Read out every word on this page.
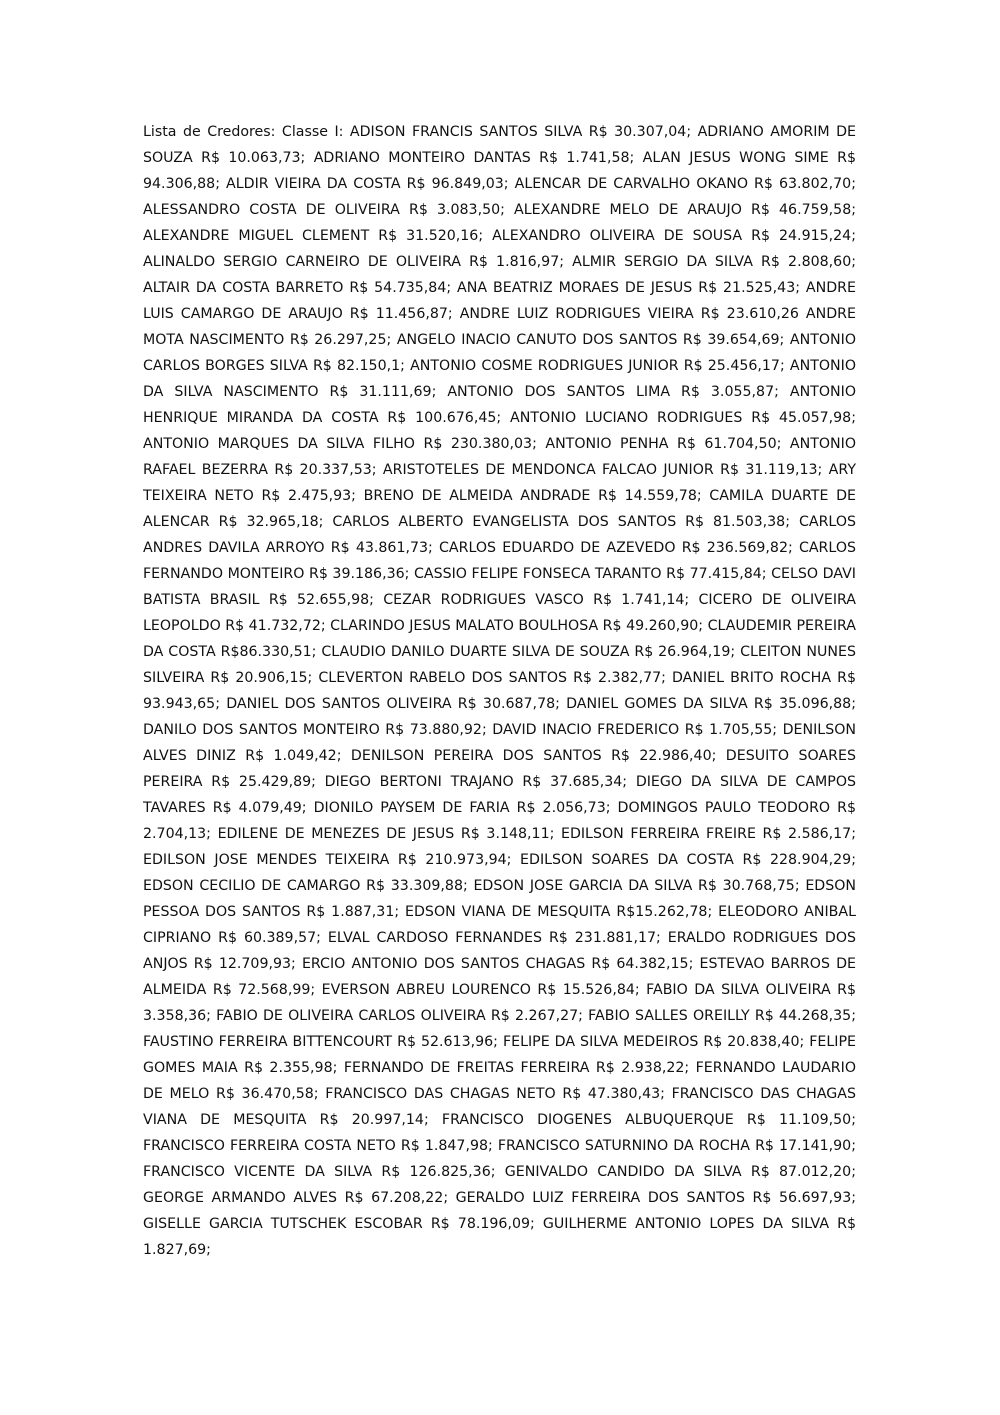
Lista de Credores: Classe I: ADISON FRANCIS SANTOS SILVA R$ 30.307,04; ADRIANO AMORIM DE SOUZA R$ 10.063,73; ADRIANO MONTEIRO DANTAS R$ 1.741,58; ALAN JESUS WONG SIME R$ 94.306,88; ALDIR VIEIRA DA COSTA R$ 96.849,03; ALENCAR DE CARVALHO OKANO R$ 63.802,70; ALESSANDRO COSTA DE OLIVEIRA R$ 3.083,50; ALEXANDRE MELO DE ARAUJO R$ 46.759,58; ALEXANDRE MIGUEL CLEMENT R$ 31.520,16; ALEXANDRO OLIVEIRA DE SOUSA R$ 24.915,24; ALINALDO SERGIO CARNEIRO DE OLIVEIRA R$ 1.816,97; ALMIR SERGIO DA SILVA R$ 2.808,60; ALTAIR DA COSTA BARRETO R$ 54.735,84; ANA BEATRIZ MORAES DE JESUS R$ 21.525,43; ANDRE LUIS CAMARGO DE ARAUJO R$ 11.456,87; ANDRE LUIZ RODRIGUES VIEIRA R$ 23.610,26 ANDRE MOTA NASCIMENTO R$ 26.297,25; ANGELO INACIO CANUTO DOS SANTOS R$ 39.654,69; ANTONIO CARLOS BORGES SILVA R$ 82.150,1; ANTONIO COSME RODRIGUES JUNIOR R$ 25.456,17; ANTONIO DA SILVA NASCIMENTO R$ 31.111,69; ANTONIO DOS SANTOS LIMA R$ 3.055,87; ANTONIO HENRIQUE MIRANDA DA COSTA R$ 100.676,45; ANTONIO LUCIANO RODRIGUES R$ 45.057,98; ANTONIO MARQUES DA SILVA FILHO R$ 230.380,03; ANTONIO PENHA R$ 61.704,50; ANTONIO RAFAEL BEZERRA R$ 20.337,53; ARISTOTELES DE MENDONCA FALCAO JUNIOR R$ 31.119,13; ARY TEIXEIRA NETO R$ 2.475,93; BRENO DE ALMEIDA ANDRADE R$ 14.559,78; CAMILA DUARTE DE ALENCAR R$ 32.965,18; CARLOS ALBERTO EVANGELISTA DOS SANTOS R$ 81.503,38; CARLOS ANDRES DAVILA ARROYO R$ 43.861,73; CARLOS EDUARDO DE AZEVEDO R$ 236.569,82; CARLOS FERNANDO MONTEIRO R$ 39.186,36; CASSIO FELIPE FONSECA TARANTO R$ 77.415,84; CELSO DAVI BATISTA BRASIL R$ 52.655,98; CEZAR RODRIGUES VASCO R$ 1.741,14; CICERO DE OLIVEIRA LEOPOLDO R$ 41.732,72; CLARINDO JESUS MALATO BOULHOSA R$ 49.260,90; CLAUDEMIR PEREIRA DA COSTA R$86.330,51; CLAUDIO DANILO DUARTE SILVA DE SOUZA R$ 26.964,19; CLEITON NUNES SILVEIRA R$ 20.906,15; CLEVERTON RABELO DOS SANTOS R$ 2.382,77; DANIEL BRITO ROCHA R$ 93.943,65; DANIEL DOS SANTOS OLIVEIRA R$ 30.687,78; DANIEL GOMES DA SILVA R$ 35.096,88; DANILO DOS SANTOS MONTEIRO R$ 73.880,92; DAVID INACIO FREDERICO R$ 1.705,55; DENILSON ALVES DINIZ R$ 1.049,42; DENILSON PEREIRA DOS SANTOS R$ 22.986,40; DESUITO SOARES PEREIRA R$ 25.429,89; DIEGO BERTONI TRAJANO R$ 37.685,34; DIEGO DA SILVA DE CAMPOS TAVARES R$ 4.079,49; DIONILO PAYSEM DE FARIA R$ 2.056,73; DOMINGOS PAULO TEODORO R$ 2.704,13; EDILENE DE MENEZES DE JESUS R$ 3.148,11; EDILSON FERREIRA FREIRE R$ 2.586,17; EDILSON JOSE MENDES TEIXEIRA R$ 210.973,94; EDILSON SOARES DA COSTA R$ 228.904,29; EDSON CECILIO DE CAMARGO R$ 33.309,88; EDSON JOSE GARCIA DA SILVA R$ 30.768,75; EDSON PESSOA DOS SANTOS R$ 1.887,31; EDSON VIANA DE MESQUITA R$15.262,78; ELEODORO ANIBAL CIPRIANO R$ 60.389,57; ELVAL CARDOSO FERNANDES R$ 231.881,17; ERALDO RODRIGUES DOS ANJOS R$ 12.709,93; ERCIO ANTONIO DOS SANTOS CHAGAS R$ 64.382,15; ESTEVAO BARROS DE ALMEIDA R$ 72.568,99; EVERSON ABREU LOURENCO R$ 15.526,84; FABIO DA SILVA OLIVEIRA R$ 3.358,36; FABIO DE OLIVEIRA CARLOS OLIVEIRA R$ 2.267,27; FABIO SALLES OREILLY R$ 44.268,35; FAUSTINO FERREIRA BITTENCOURT R$ 52.613,96; FELIPE DA SILVA MEDEIROS R$ 20.838,40; FELIPE GOMES MAIA R$ 2.355,98; FERNANDO DE FREITAS FERREIRA R$ 2.938,22; FERNANDO LAUDARIO DE MELO R$ 36.470,58; FRANCISCO DAS CHAGAS NETO R$ 47.380,43; FRANCISCO DAS CHAGAS VIANA DE MESQUITA R$ 20.997,14; FRANCISCO DIOGENES ALBUQUERQUE R$ 11.109,50; FRANCISCO FERREIRA COSTA NETO R$ 1.847,98; FRANCISCO SATURNINO DA ROCHA R$ 17.141,90; FRANCISCO VICENTE DA SILVA R$ 126.825,36; GENIVALDO CANDIDO DA SILVA R$ 87.012,20; GEORGE ARMANDO ALVES R$ 67.208,22; GERALDO LUIZ FERREIRA DOS SANTOS R$ 56.697,93; GISELLE GARCIA TUTSCHEK ESCOBAR R$ 78.196,09; GUILHERME ANTONIO LOPES DA SILVA R$ 1.827,69;
